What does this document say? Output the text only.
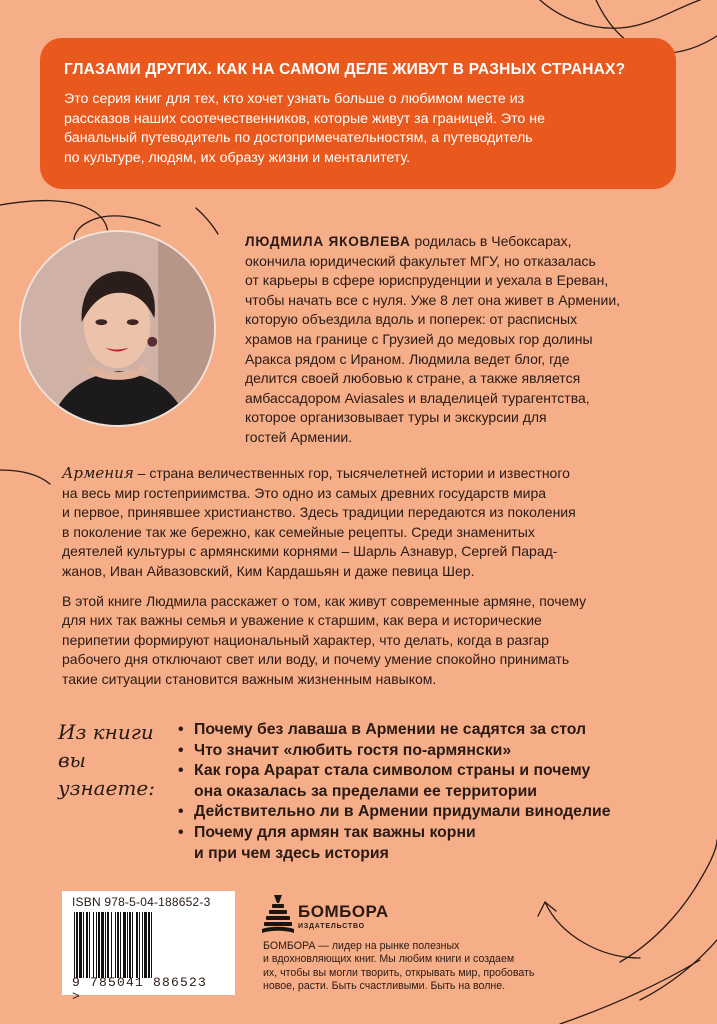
ГЛАЗАМИ ДРУГИХ. КАК НА САМОМ ДЕЛЕ ЖИВУТ В РАЗНЫХ СТРАНАХ?
Это серия книг для тех, кто хочет узнать больше о любимом месте из
рассказов наших соотечественников, которые живут за границей. Это не
банальный путеводитель по достопримечательностям, а путеводитель
по культуре, людям, их образу жизни и менталитету.
ЛЮДМИЛА ЯКОВЛЕВА родилась в Чебоксарах,
окончила юридический факультет МГУ, но отказалась
от карьеры в сфере юриспруденции и уехала в Ереван,
чтобы начать все с нуля. Уже 8 лет она живет в Армении,
которую объездила вдоль и поперек: от расписных
храмов на границе с Грузией до медовых гор долины
Аракса рядом с Ираном. Людмила ведет блог, где
делится своей любовью к стране, а также является
амбассадором Aviasales и владелицей турагентства,
которое организовывает туры и экскурсии для
гостей Армении.

Армения – страна величественных гор, тысячелетней истории и известного
на весь мир гостеприимства. Это одно из самых древних государств мира
и первое, принявшее христианство. Здесь традиции передаются из поколения
в поколение так же бережно, как семейные рецепты. Среди знаменитых
деятелей культуры с армянскими корнями – Шарль Азнавур, Сергей Парад-
жанов, Иван Айвазовский, Ким Кардашьян и даже певица Шер.

В этой книге Людмила расскажет о том, как живут современные армяне, почему
для них так важны семья и уважение к старшим, как вера и исторические
перипетии формируют национальный характер, что делать, когда в разгар
рабочего дня отключают свет или воду, и почему умение спокойно принимать
такие ситуации становится важным жизненным навыком.

Из книги
вы узнаете:
• Почему без лаваша в Армении не садятся за стол
• Что значит «любить гостя по-армянски»
• Как гора Арарат стала символом страны и почему
она оказалась за пределами ее территории
• Действительно ли в Армении придумали виноделие
• Почему для армян так важны корни
и при чем здесь история
ISBN 978-5-04-188652-3
9 785041 886523 >
БОМБОРА
ИЗДАТЕЛЬСТВО
БОМБОРА — лидер на рынке полезных
и вдохновляющих книг. Мы любим книги и создаем
их, чтобы вы могли творить, открывать мир, пробовать
новое, расти. Быть счастливыми. Быть на волне.
